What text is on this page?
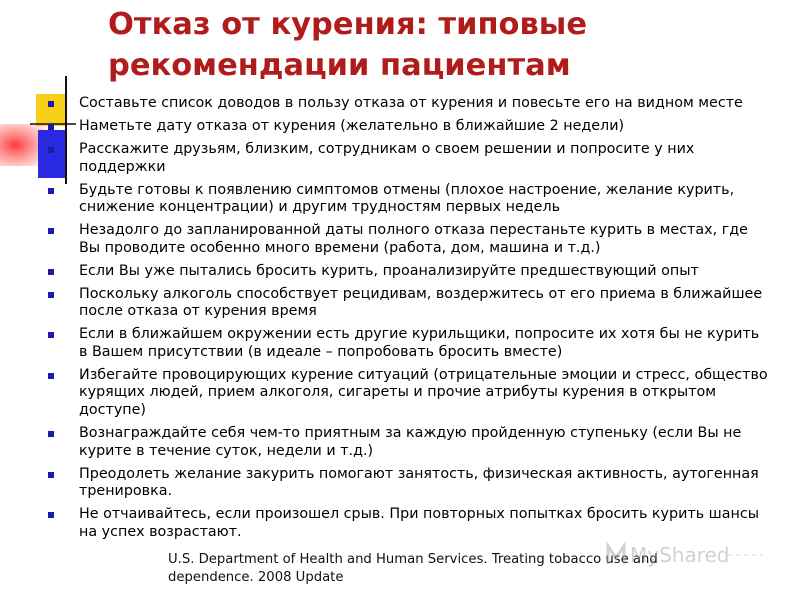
Отказ от курения: типовые рекомендации пациентам
Составьте список доводов в пользу отказа от курения и повесьте его на видном месте
Наметьте дату отказа от курения (желательно в ближайшие 2 недели)
Расскажите друзьям, близким, сотрудникам о своем решении и попросите у них поддержки
Будьте готовы к появлению симптомов отмены (плохое настроение, желание курить, снижение концентрации) и другим трудностям первых недель
Незадолго до запланированной даты полного отказа перестаньте курить в местах, где Вы проводите особенно много времени (работа, дом, машина и т.д.)
Если Вы уже пытались бросить курить, проанализируйте предшествующий опыт
Поскольку алкоголь способствует рецидивам, воздержитесь от его приема в ближайшее после отказа от курения время
Если в ближайшем окружении есть другие курильщики, попросите их хотя бы не курить в Вашем присутствии (в идеале – попробовать бросить вместе)
Избегайте провоцирующих курение ситуаций (отрицательные эмоции и стресс, общество курящих людей, прием алкоголя, сигареты и прочие атрибуты курения в открытом доступе)
Вознаграждайте себя чем-то приятным за каждую пройденную ступеньку (если Вы не курите в течение суток, недели и т.д.)
Преодолеть желание закурить помогают занятость, физическая активность, аутогенная тренировка.
Не отчаивайтесь, если произошел срыв. При повторных попытках бросить курить шансы на успех возрастают.
U.S. Department of Health and Human Services. Treating tobacco use and dependence. 2008 Update
MyShared
